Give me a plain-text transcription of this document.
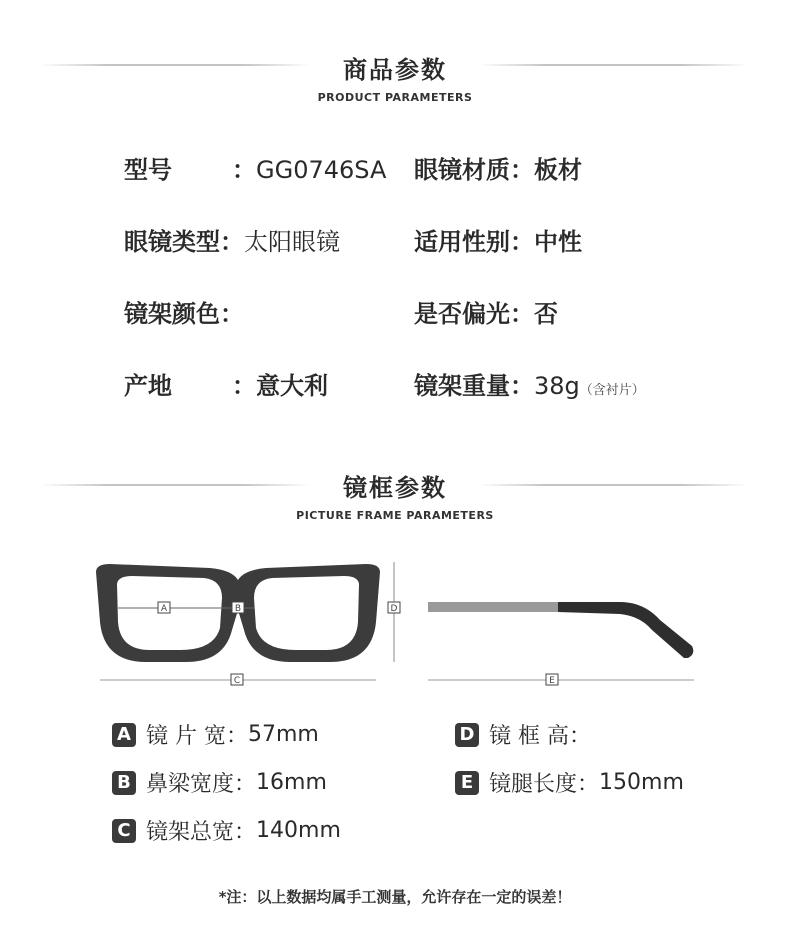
商品参数
PRODUCT PARAMETERS
型号	：GG0746SA 眼镜材质：板材
眼镜类型：太阳眼镜	适用性别：中性
镜架颜色：	是否偏光：否
产地	：意大利	镜架重量：38g（含衬片）
镜框参数
PICTURE FRAME PARAMETERS
A	B	D
C	E
A 镜 片 宽： 57mm	D 镜 框 高：
B 鼻梁宽度： 16mm	E 镜腿长度： 150mm
C 镜架总宽： 140mm
*注：以上数据均属手工测量，允许存在一定的误差！
